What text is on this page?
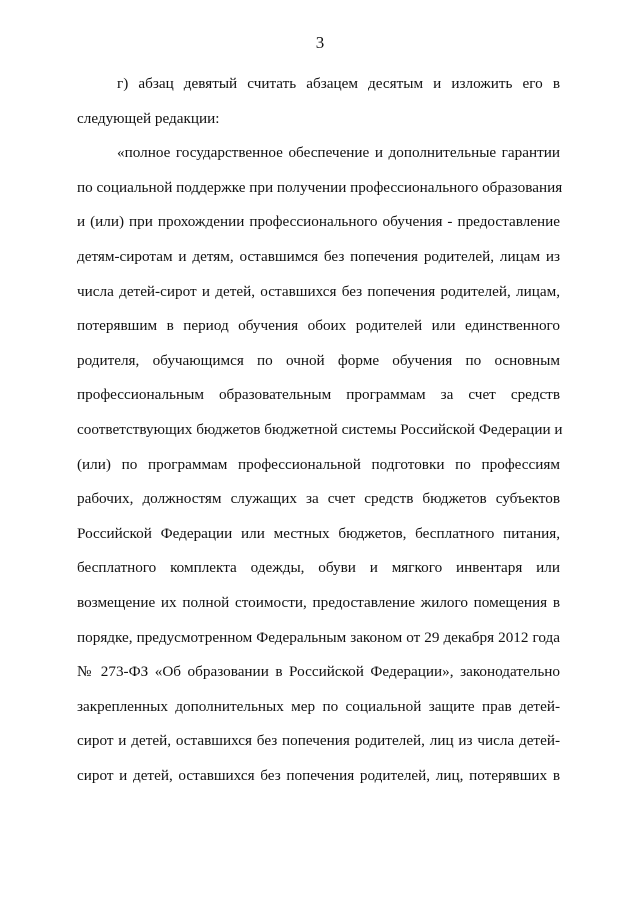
3
г) абзац девятый считать абзацем десятым и изложить его в
следующей редакции:
«полное государственное обеспечение и дополнительные гарантии
по социальной поддержке при получении профессионального образования
и (или) при прохождении профессионального обучения - предоставление
детям-сиротам и детям, оставшимся без попечения родителей, лицам из
числа детей-сирот и детей, оставшихся без попечения родителей, лицам,
потерявшим в период обучения обоих родителей или единственного
родителя, обучающимся по очной форме обучения по основным
профессиональным образовательным программам за счет средств
соответствующих бюджетов бюджетной системы Российской Федерации и
(или) по программам профессиональной подготовки по профессиям
рабочих, должностям служащих за счет средств бюджетов субъектов
Российской Федерации или местных бюджетов, бесплатного питания,
бесплатного комплекта одежды, обуви и мягкого инвентаря или
возмещение их полной стоимости, предоставление жилого помещения в
порядке, предусмотренном Федеральным законом от 29 декабря 2012 года
№ 273-ФЗ «Об образовании в Российской Федерации», законодательно
закрепленных дополнительных мер по социальной защите прав детей-
сирот и детей, оставшихся без попечения родителей, лиц из числа детей-
сирот и детей, оставшихся без попечения родителей, лиц, потерявших в
